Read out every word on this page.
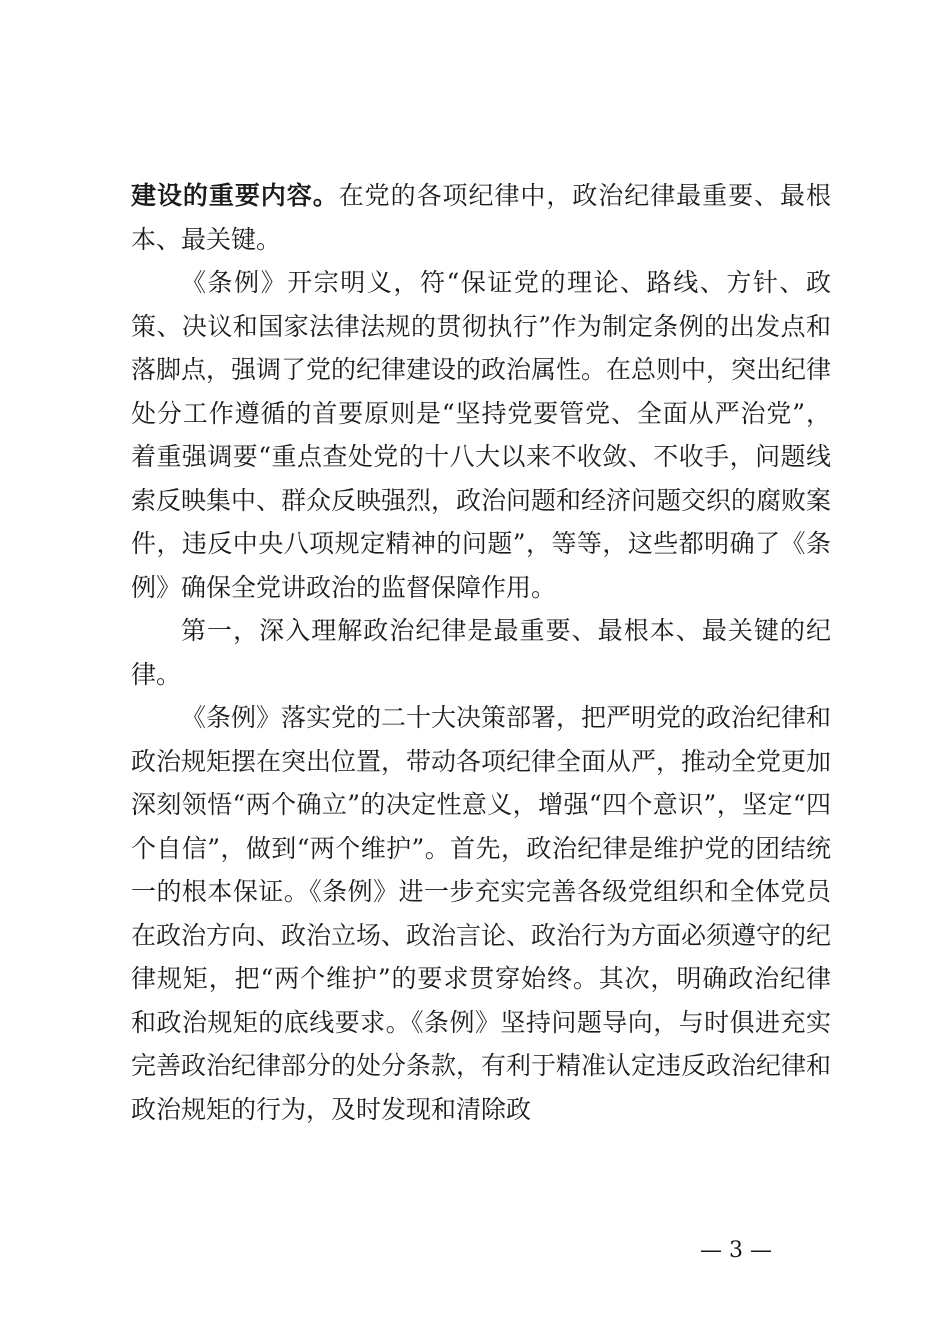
建设的重要内容。在党的各项纪律中，政治纪律最重要、最根本、最关键。

《条例》开宗明义，符“保证党的理论、路线、方针、政策、决议和国家法律法规的贯彻执行”作为制定条例的出发点和落脚点，强调了党的纪律建设的政治属性。在总则中，突出纪律处分工作遵循的首要原则是“坚持党要管党、全面从严治党”，着重强调要“重点查处党的十八大以来不收敛、不收手，问题线索反映集中、群众反映强烈，政治问题和经济问题交织的腐败案件，违反中央八项规定精神的问题”，等等，这些都明确了《条例》确保全党讲政治的监督保障作用。

第一，深入理解政治纪律是最重要、最根本、最关键的纪律。

《条例》落实党的二十大决策部署，把严明党的政治纪律和政治规矩摆在突出位置，带动各项纪律全面从严，推动全党更加深刻领悟“两个确立”的决定性意义，增强“四个意识”，坚定“四个自信”，做到“两个维护”。首先，政治纪律是维护党的团结统一的根本保证。《条例》进一步充实完善各级党组织和全体党员在政治方向、政治立场、政治言论、政治行为方面必须遵守的纪律规矩，把“两个维护”的要求贯穿始终。其次，明确政治纪律和政治规矩的底线要求。《条例》坚持问题导向，与时俱进充实完善政治纪律部分的处分条款，有利于精准认定违反政治纪律和政治规矩的行为，及时发现和清除政

— 3 —
